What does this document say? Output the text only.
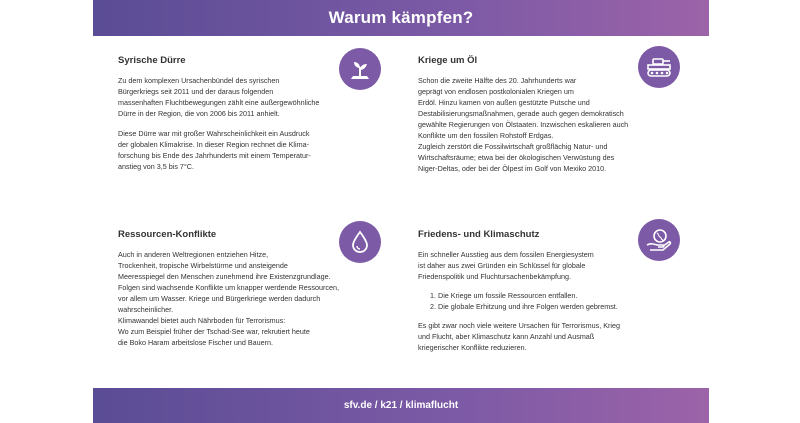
Warum kämpfen?
Syrische Dürre

Zu dem komplexen Ursachenbündel des syrischen
Bürgerkriegs seit 2011 und der daraus folgenden
massenhaften Fluchtbewegungen zählt eine außergewöhnliche
Dürre in der Region, die von 2006 bis 2011 anhielt.

Diese Dürre war mit großer Wahrscheinlichkeit ein Ausdruck
der globalen Klimakrise. In dieser Region rechnet die Klima-
forschung bis Ende des Jahrhunderts mit einem Temperatur-
anstieg von 3,5 bis 7°C.

Kriege um Öl

Schon die zweite Hälfte des 20. Jahrhunderts war
geprägt von endlosen postkolonialen Kriegen um
Erdöl. Hinzu kamen von außen gestützte Putsche und
Destabilisierungsmaßnahmen, gerade auch gegen demokratisch
gewählte Regierungen von Ölstaaten. Inzwischen eskalieren auch
Konflikte um den fossilen Rohstoff Erdgas.
Zugleich zerstört die Fossilwirtschaft großflächig Natur- und
Wirtschaftsräume; etwa bei der ökologischen Verwüstung des
Niger-Deltas, oder bei der Ölpest im Golf von Mexiko 2010.

Ressourcen-Konflikte

Auch in anderen Weltregionen entziehen Hitze,
Trockenheit, tropische Wirbelstürme und ansteigende
Meeresspiegel den Menschen zunehmend ihre Existenzgrundlage.
Folgen sind wachsende Konflikte um knapper werdende Ressourcen,
vor allem um Wasser. Kriege und Bürgerkriege werden dadurch
wahrscheinlicher.
Klimawandel bietet auch Nährboden für Terrorismus:
Wo zum Beispiel früher der Tschad-See war, rekrutiert heute
die Boko Haram arbeitslose Fischer und Bauern.

Friedens- und Klimaschutz

Ein schneller Ausstieg aus dem fossilen Energiesystem
ist daher aus zwei Gründen ein Schlüssel für globale
Friedenspolitik und Fluchtursachenbekämpfung.

1. Die Kriege um fossile Ressourcen entfallen.
2. Die globale Erhitzung und ihre Folgen werden gebremst.

Es gibt zwar noch viele weitere Ursachen für Terrorismus, Krieg
und Flucht, aber Klimaschutz kann Anzahl und Ausmaß
kriegerischer Konflikte reduzieren.

sfv.de / k21 / klimaflucht
